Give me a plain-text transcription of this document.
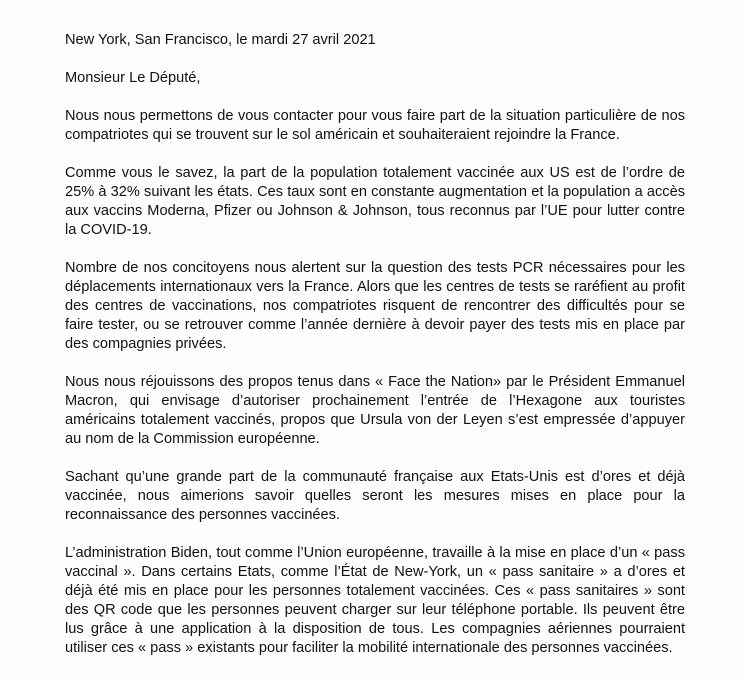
New York, San Francisco, le mardi 27 avril 2021

Monsieur Le Député,

Nous nous permettons de vous contacter pour vous faire part de la situation particulière de nos compatriotes qui se trouvent sur le sol américain et souhaiteraient rejoindre la France.

Comme vous le savez, la part de la population totalement vaccinée aux US est de l’ordre de 25% à 32% suivant les états. Ces taux sont en constante augmentation et la population a accès aux vaccins Moderna, Pfizer ou Johnson & Johnson, tous reconnus par l’UE pour lutter contre la COVID-19.

Nombre de nos concitoyens nous alertent sur la question des tests PCR nécessaires pour les déplacements internationaux vers la France. Alors que les centres de tests se raréfient au profit des centres de vaccinations, nos compatriotes risquent de rencontrer des difficultés pour se faire tester, ou se retrouver comme l’année dernière à devoir payer des tests mis en place par des compagnies privées.

Nous nous réjouissons des propos tenus dans « Face the Nation» par le Président Emmanuel Macron, qui envisage d’autoriser prochainement l’entrée de l’Hexagone aux touristes américains totalement vaccinés, propos que Ursula von der Leyen s’est empressée d’appuyer au nom de la Commission européenne.

Sachant qu’une grande part de la communauté française aux Etats-Unis est d’ores et déjà vaccinée, nous aimerions savoir quelles seront les mesures mises en place pour la reconnaissance des personnes vaccinées.

L’administration Biden, tout comme l’Union européenne, travaille à la mise en place d’un « pass vaccinal ». Dans certains Etats, comme l’État de New-York, un « pass sanitaire » a d’ores et déjà été mis en place pour les personnes totalement vaccinées. Ces « pass sanitaires » sont des QR code que les personnes peuvent charger sur leur téléphone portable. Ils peuvent être lus grâce à une application à la disposition de tous. Les compagnies aériennes pourraient utiliser ces « pass » existants pour faciliter la mobilité internationale des personnes vaccinées.
